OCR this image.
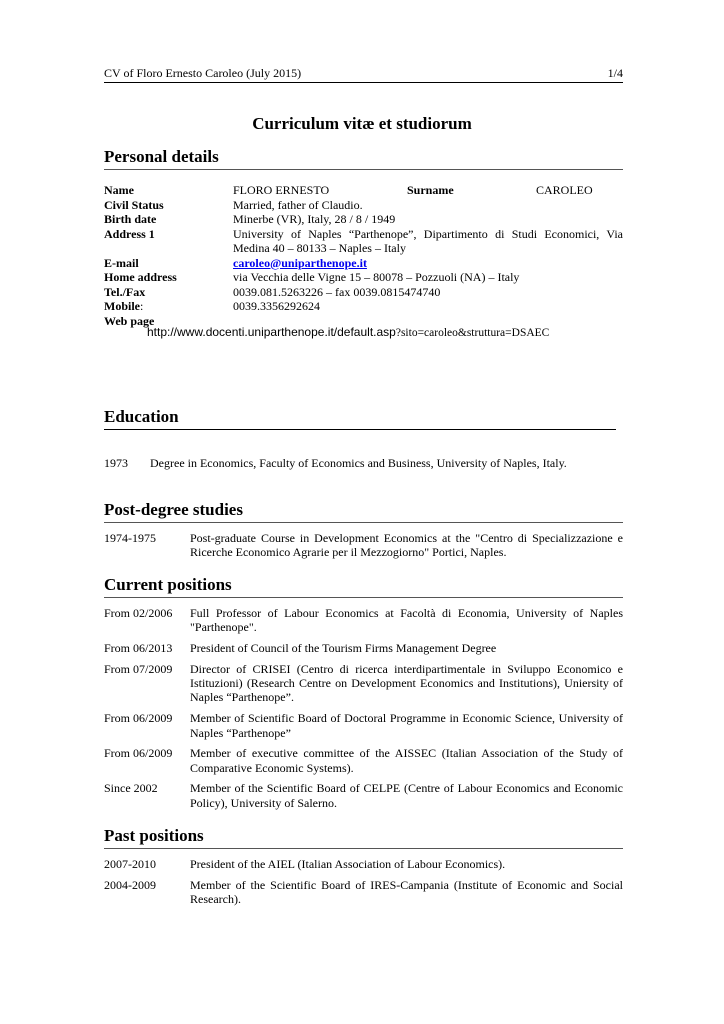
CV of Floro Ernesto Caroleo (July 2015)	1/4
Curriculum vitæ et studiorum
Personal details
Name	FLORO ERNESTO	Surname	CAROLEO
Civil Status	Married, father of Claudio.
Birth date	Minerbe (VR), Italy, 28 / 8 / 1949
Address 1	University of Naples “Parthenope”, Dipartimento di Studi Economici, Via Medina 40 – 80133 – Naples – Italy
E-mail	caroleo@uniparthenope.it
Home address	via Vecchia delle Vigne 15 – 80078 – Pozzuoli (NA) – Italy
Tel./Fax	0039.081.5263226 – fax 0039.0815474740
Mobile:	0039.3356292624
Web page

http://www.docenti.uniparthenope.it/default.asp?sito=caroleo&struttura=DSAEC
Education
1973 Degree in Economics, Faculty of Economics and Business, University of Naples, Italy.
Post-degree studies
1974-1975	Post-graduate Course in Development Economics at the "Centro di Specializzazione e Ricerche Economico Agrarie per il Mezzogiorno" Portici, Naples.
Current positions
From 02/2006 Full Professor of Labour Economics at Facoltà di Economia, University of Naples "Parthenope".
From 06/2013 President of Council of the Tourism Firms Management Degree
From 07/2009 Director of CRISEI (Centro di ricerca interdipartimentale in Sviluppo Economico e Istituzioni) (Research Centre on Development Economics and Institutions), Uniersity of Naples “Parthenope”.
From 06/2009 Member of Scientific Board of Doctoral Programme in Economic Science, University of Naples “Parthenope”
From 06/2009 Member of executive committee of the AISSEC (Italian Association of the Study of Comparative Economic Systems).
Since 2002	Member of the Scientific Board of CELPE (Centre of Labour Economics and Economic Policy), University of Salerno.
Past positions
2007-2010	President of the AIEL (Italian Association of Labour Economics).
2004-2009	Member of the Scientific Board of IRES-Campania (Institute of Economic and Social Research).
